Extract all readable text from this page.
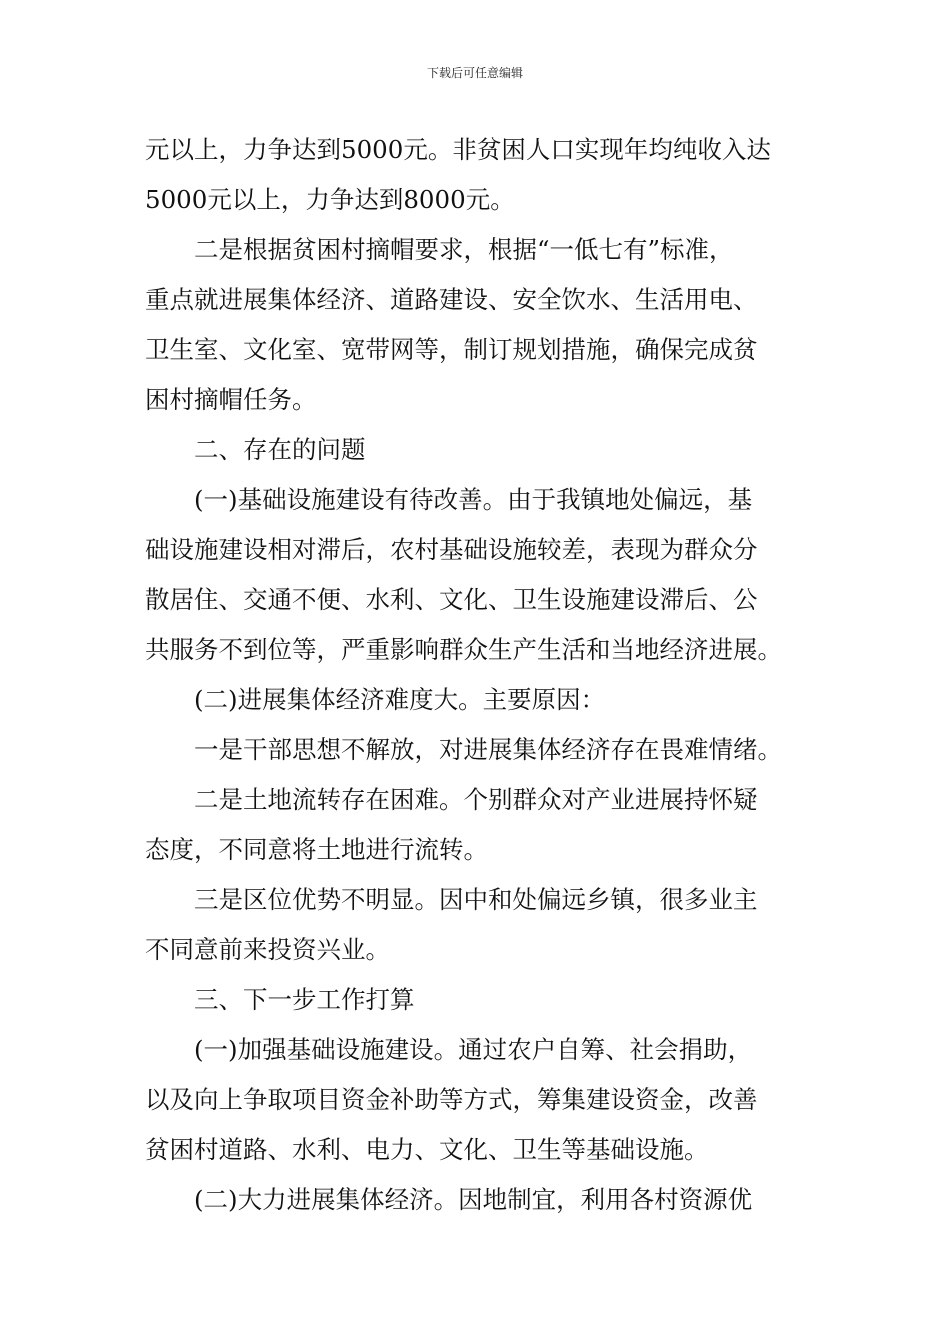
下载后可任意编辑
元以上，力争达到5000元。非贫困人口实现年均纯收入达
5000元以上，力争达到8000元。
　　二是根据贫困村摘帽要求，根据“一低七有”标准，
重点就进展集体经济、道路建设、安全饮水、生活用电、
卫生室、文化室、宽带网等，制订规划措施，确保完成贫
困村摘帽任务。
　　二、存在的问题
　　(一)基础设施建设有待改善。由于我镇地处偏远，基
础设施建设相对滞后，农村基础设施较差，表现为群众分
散居住、交通不便、水利、文化、卫生设施建设滞后、公
共服务不到位等，严重影响群众生产生活和当地经济进展。
　　(二)进展集体经济难度大。主要原因：
　　一是干部思想不解放，对进展集体经济存在畏难情绪。
　　二是土地流转存在困难。个别群众对产业进展持怀疑
态度，不同意将土地进行流转。
　　三是区位优势不明显。因中和处偏远乡镇，很多业主
不同意前来投资兴业。
　　三、下一步工作打算
　　(一)加强基础设施建设。通过农户自筹、社会捐助，
以及向上争取项目资金补助等方式，筹集建设资金，改善
贫困村道路、水利、电力、文化、卫生等基础设施。
　　(二)大力进展集体经济。因地制宜，利用各村资源优
